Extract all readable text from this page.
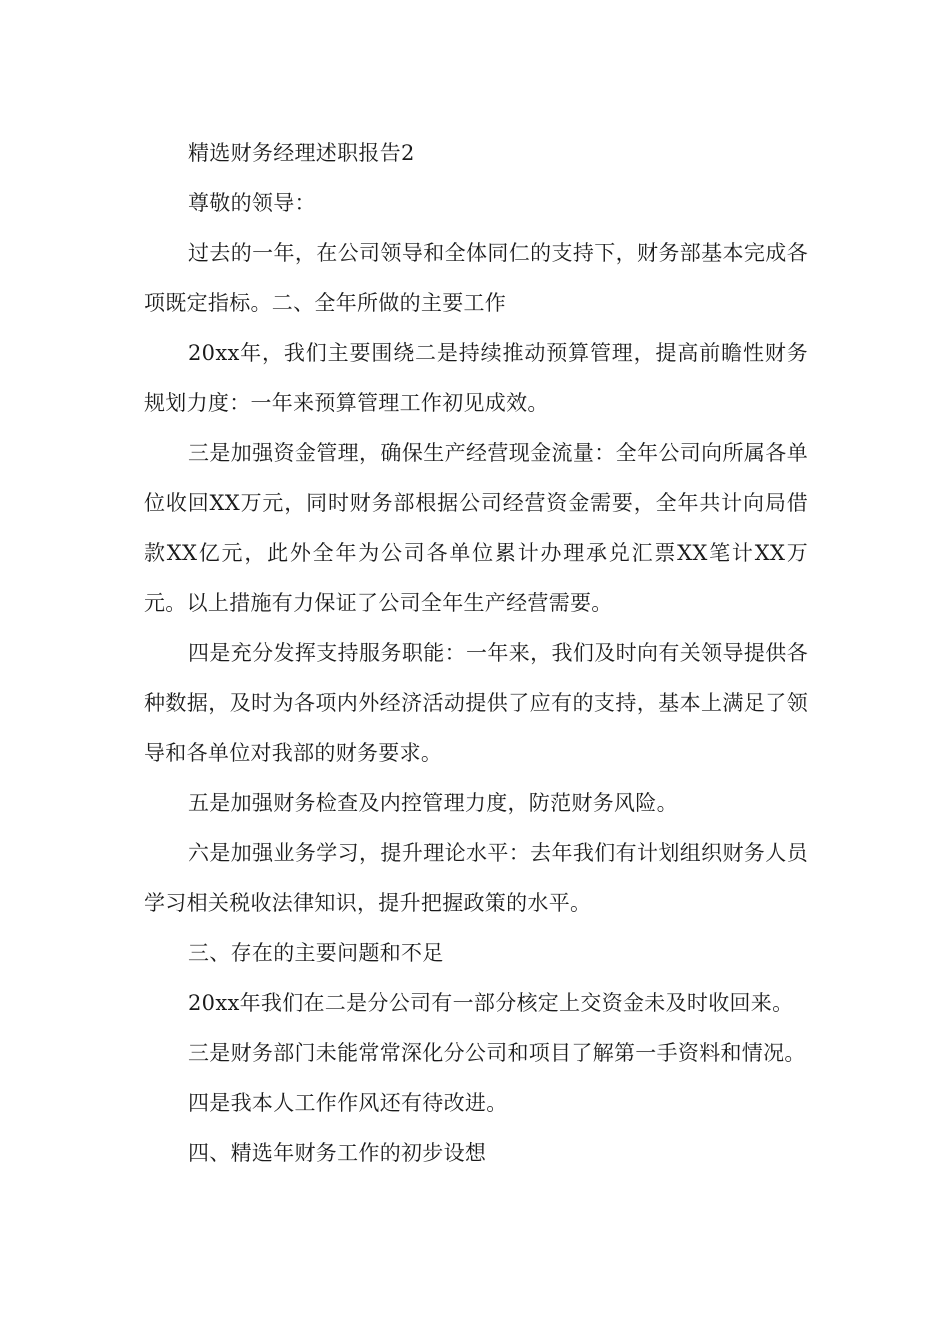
精选财务经理述职报告2

尊敬的领导：

过去的一年，在公司领导和全体同仁的支持下，财务部基本完成各项既定指标。二、全年所做的主要工作

20xx年，我们主要围绕二是持续推动预算管理，提高前瞻性财务规划力度：一年来预算管理工作初见成效。

三是加强资金管理，确保生产经营现金流量：全年公司向所属各单位收回XX万元，同时财务部根据公司经营资金需要，全年共计向局借款XX亿元，此外全年为公司各单位累计办理承兑汇票XX笔计XX万元。以上措施有力保证了公司全年生产经营需要。

四是充分发挥支持服务职能：一年来，我们及时向有关领导提供各种数据，及时为各项内外经济活动提供了应有的支持，基本上满足了领导和各单位对我部的财务要求。

五是加强财务检查及内控管理力度，防范财务风险。

六是加强业务学习，提升理论水平：去年我们有计划组织财务人员学习相关税收法律知识，提升把握政策的水平。

三、存在的主要问题和不足

20xx年我们在二是分公司有一部分核定上交资金未及时收回来。

三是财务部门未能常常深化分公司和项目了解第一手资料和情况。

四是我本人工作作风还有待改进。

四、精选年财务工作的初步设想
